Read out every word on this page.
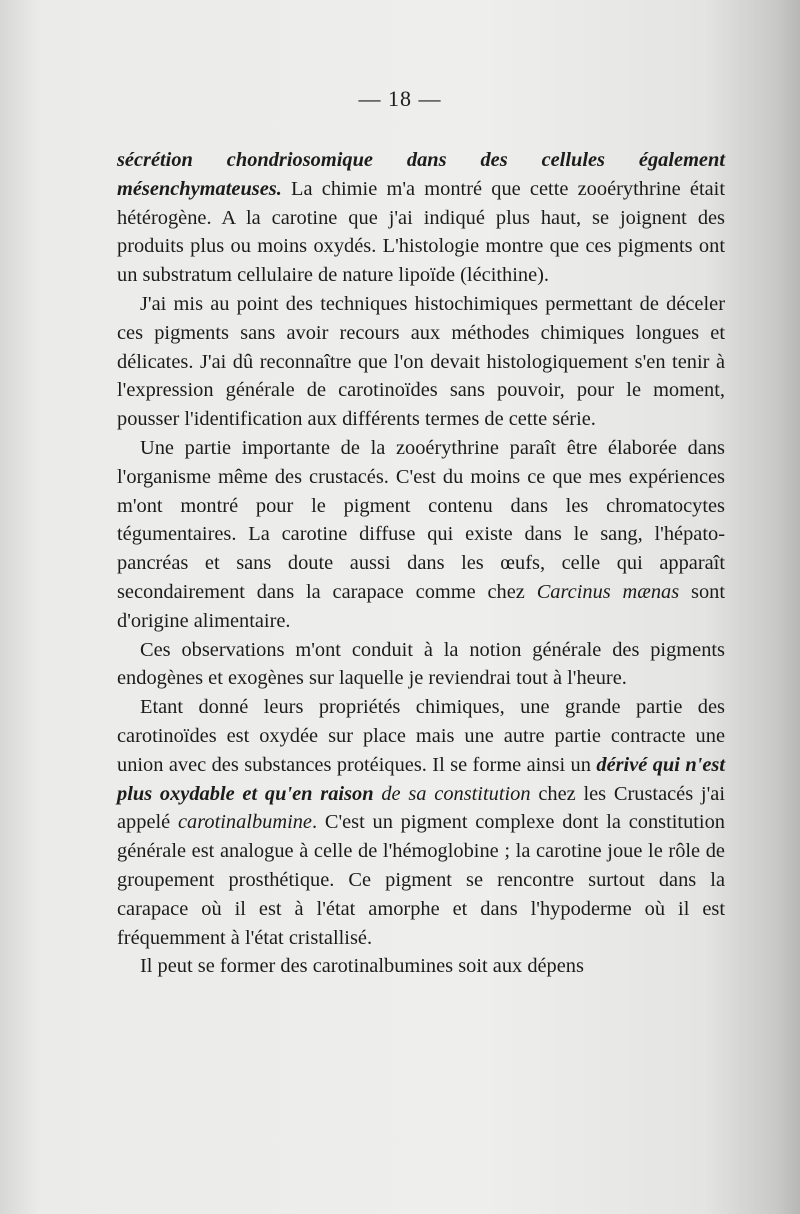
— 18 —

sécrétion chondriosomique dans des cellules également mésenchymateuses. La chimie m'a montré que cette zooérythrine était hétérogène. A la carotine que j'ai indiqué plus haut, se joignent des produits plus ou moins oxydés. L'histologie montre que ces pigments ont un substratum cellulaire de nature lipoïde (lécithine).

J'ai mis au point des techniques histochimiques permettant de déceler ces pigments sans avoir recours aux méthodes chimiques longues et délicates. J'ai dû reconnaître que l'on devait histologiquement s'en tenir à l'expression générale de carotinoïdes sans pouvoir, pour le moment, pousser l'identification aux différents termes de cette série.

Une partie importante de la zooérythrine paraît être élaborée dans l'organisme même des crustacés. C'est du moins ce que mes expériences m'ont montré pour le pigment contenu dans les chromatocytes tégumentaires. La carotine diffuse qui existe dans le sang, l'hépato-pancréas et sans doute aussi dans les œufs, celle qui apparaît secondairement dans la carapace comme chez Carcinus mænas sont d'origine alimentaire.

Ces observations m'ont conduit à la notion générale des pigments endogènes et exogènes sur laquelle je reviendrai tout à l'heure.

Etant donné leurs propriétés chimiques, une grande partie des carotinoïdes est oxydée sur place mais une autre partie contracte une union avec des substances protéiques. Il se forme ainsi un dérivé qui n'est plus oxydable et qu'en raison de sa constitution chez les Crustacés j'ai appelé carotinalbumine. C'est un pigment complexe dont la constitution générale est analogue à celle de l'hémoglobine ; la carotine joue le rôle de groupement prosthétique. Ce pigment se rencontre surtout dans la carapace où il est à l'état amorphe et dans l'hypoderme où il est fréquemment à l'état cristallisé.

Il peut se former des carotinalbumines soit aux dépens
